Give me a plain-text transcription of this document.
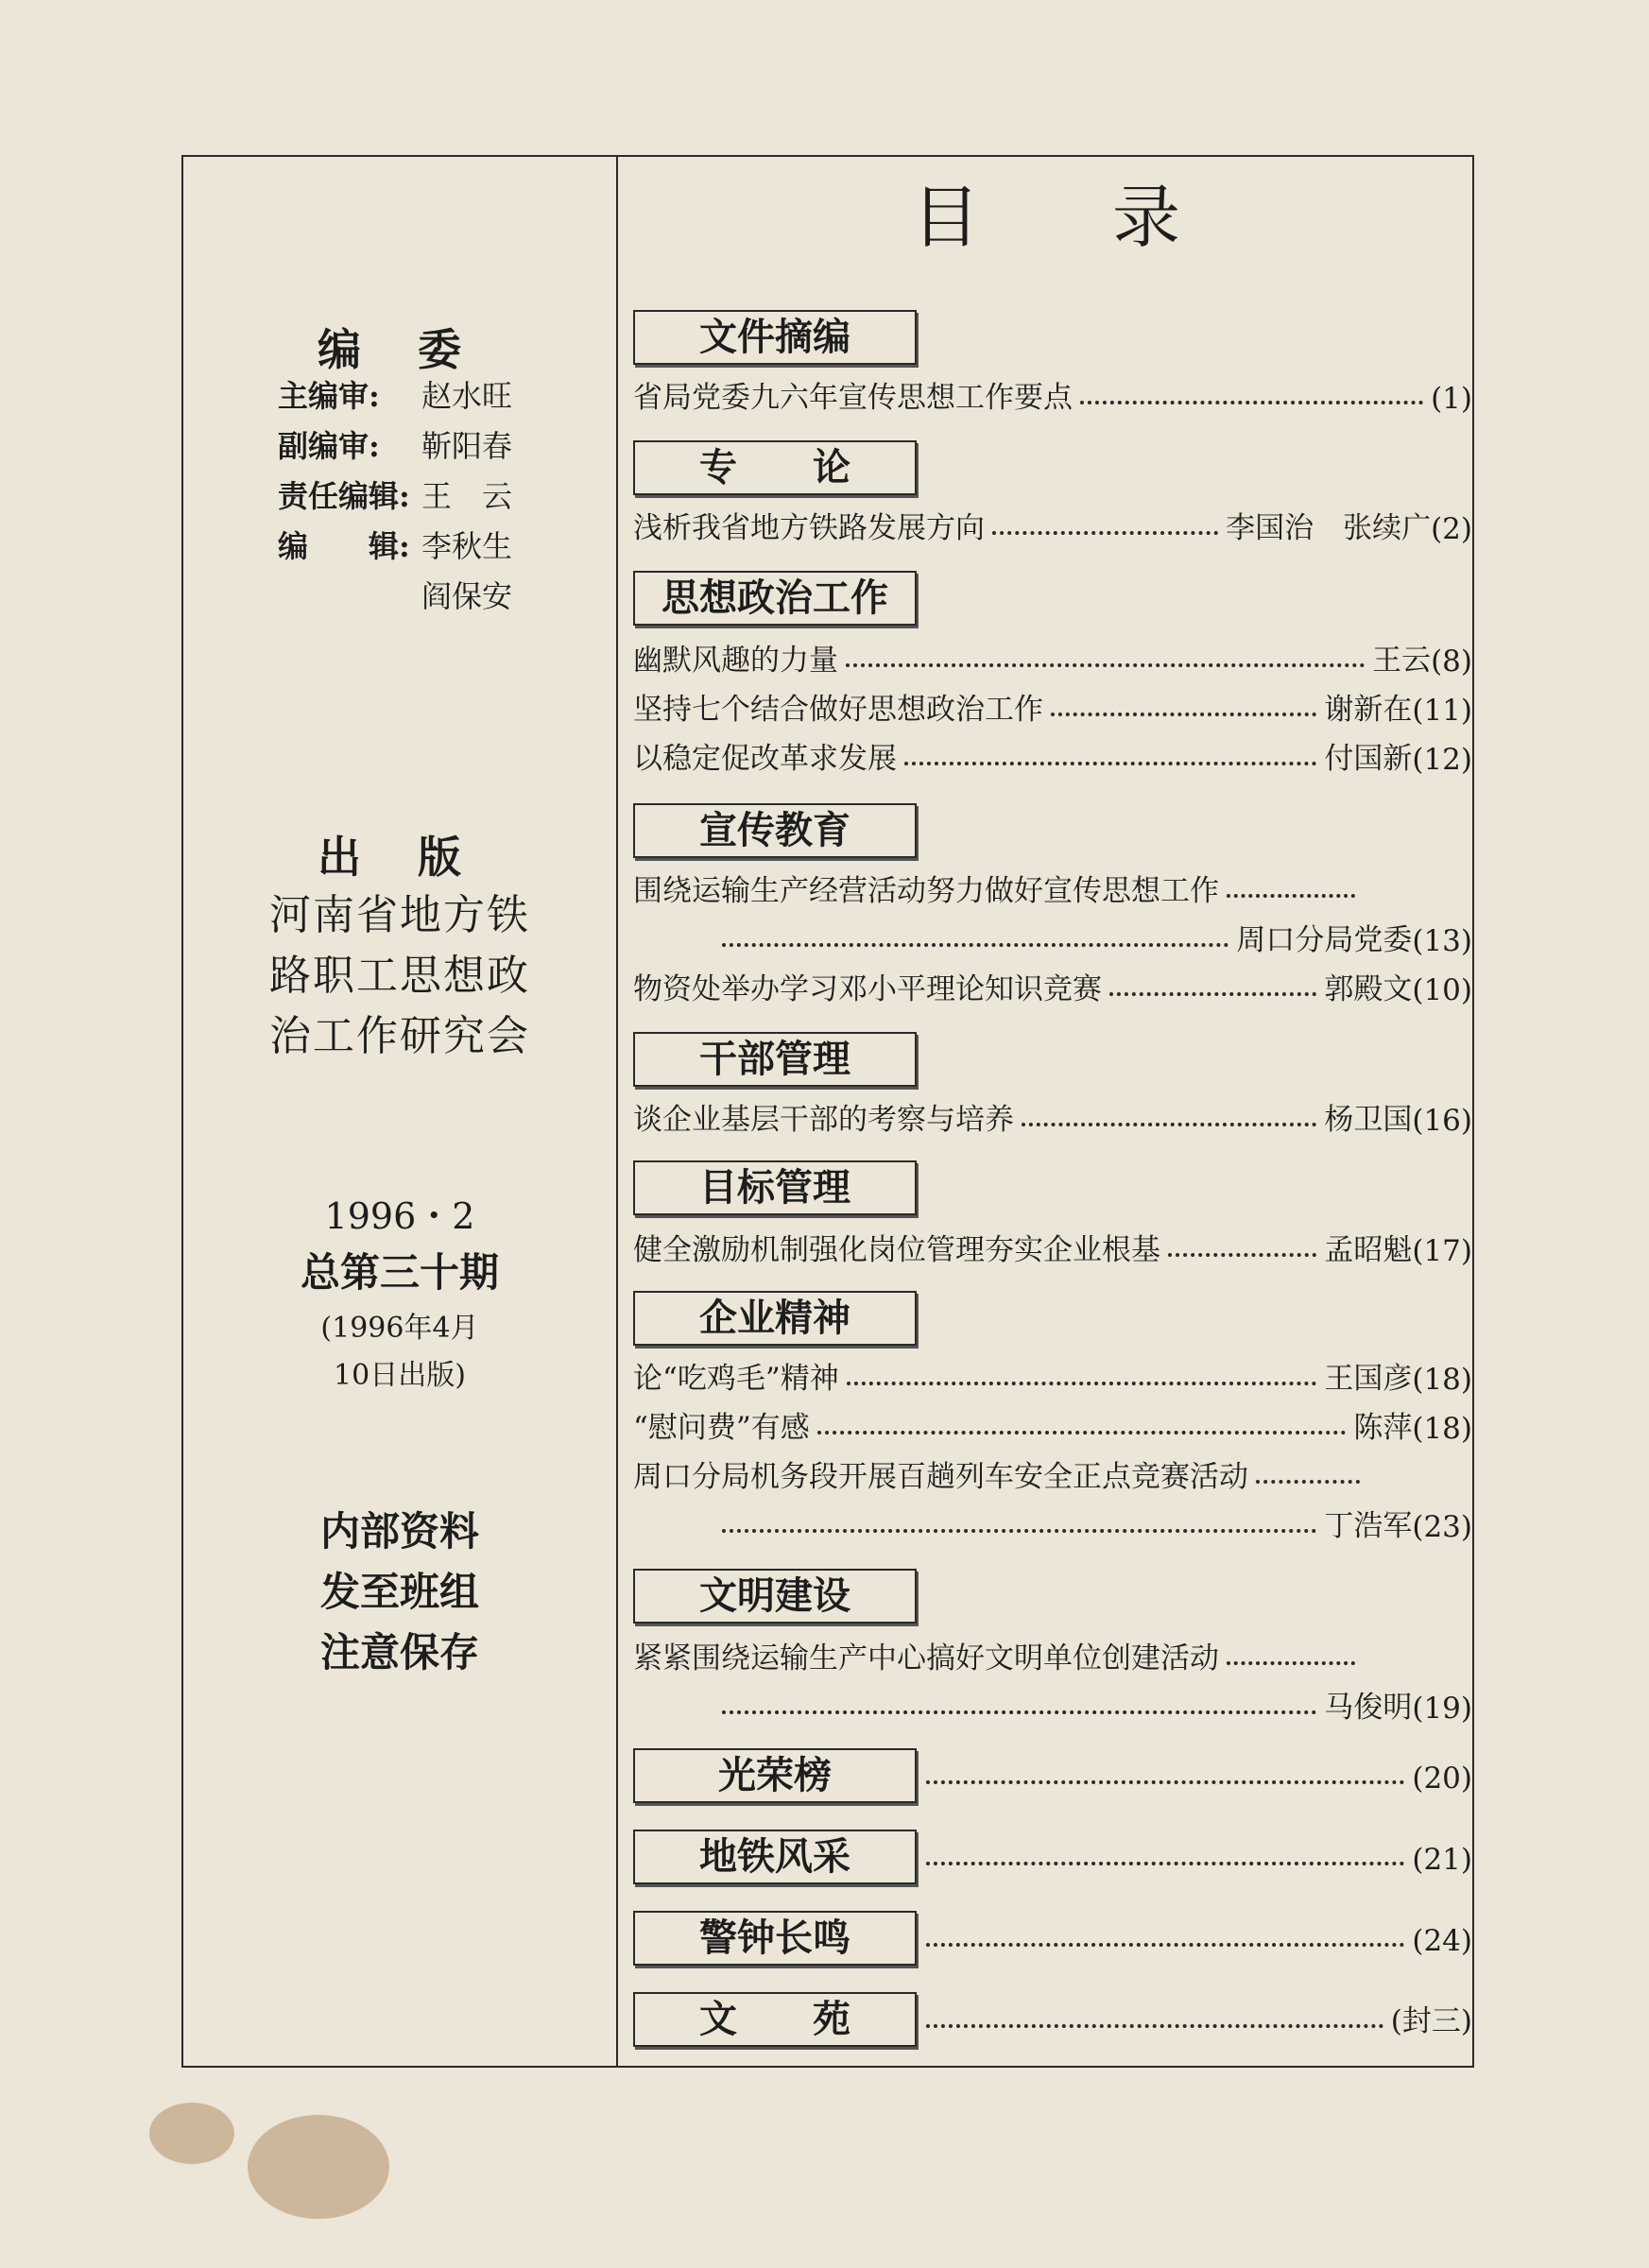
编 委
主编审: 赵水旺
副编审: 靳阳春
责任编辑: 王　云
编　　辑: 李秋生
阎保安
出 版
河南省地方铁
路职工思想政
治工作研究会
1996・2
总第三十期
(1996年4月
10日出版)
内部资料
发至班组
注意保存
目录
文件摘编
省局党委九六年宣传思想工作要点	(1)
专　　论
浅析我省地方铁路发展方向	李国治　张续广 (2)
思想政治工作
幽默风趣的力量	王云 (8)
坚持七个结合做好思想政治工作	谢新在 (11)
以稳定促改革求发展	付国新 (12)
宣传教育
围绕运输生产经营活动努力做好宣传思想工作
周口分局党委 (13)
物资处举办学习邓小平理论知识竞赛	郭殿文 (10)
干部管理
谈企业基层干部的考察与培养	杨卫国 (16)
目标管理
健全激励机制强化岗位管理夯实企业根基	孟昭魁 (17)
企业精神
论“吃鸡毛”精神	王国彦 (18)
“慰问费”有感	陈萍 (18)
周口分局机务段开展百趟列车安全正点竞赛活动
丁浩军 (23)
文明建设
紧紧围绕运输生产中心搞好文明单位创建活动
马俊明 (19)
光荣榜	(20)
地铁风采	(21)
警钟长鸣	(24)
文　　苑	(封三)
